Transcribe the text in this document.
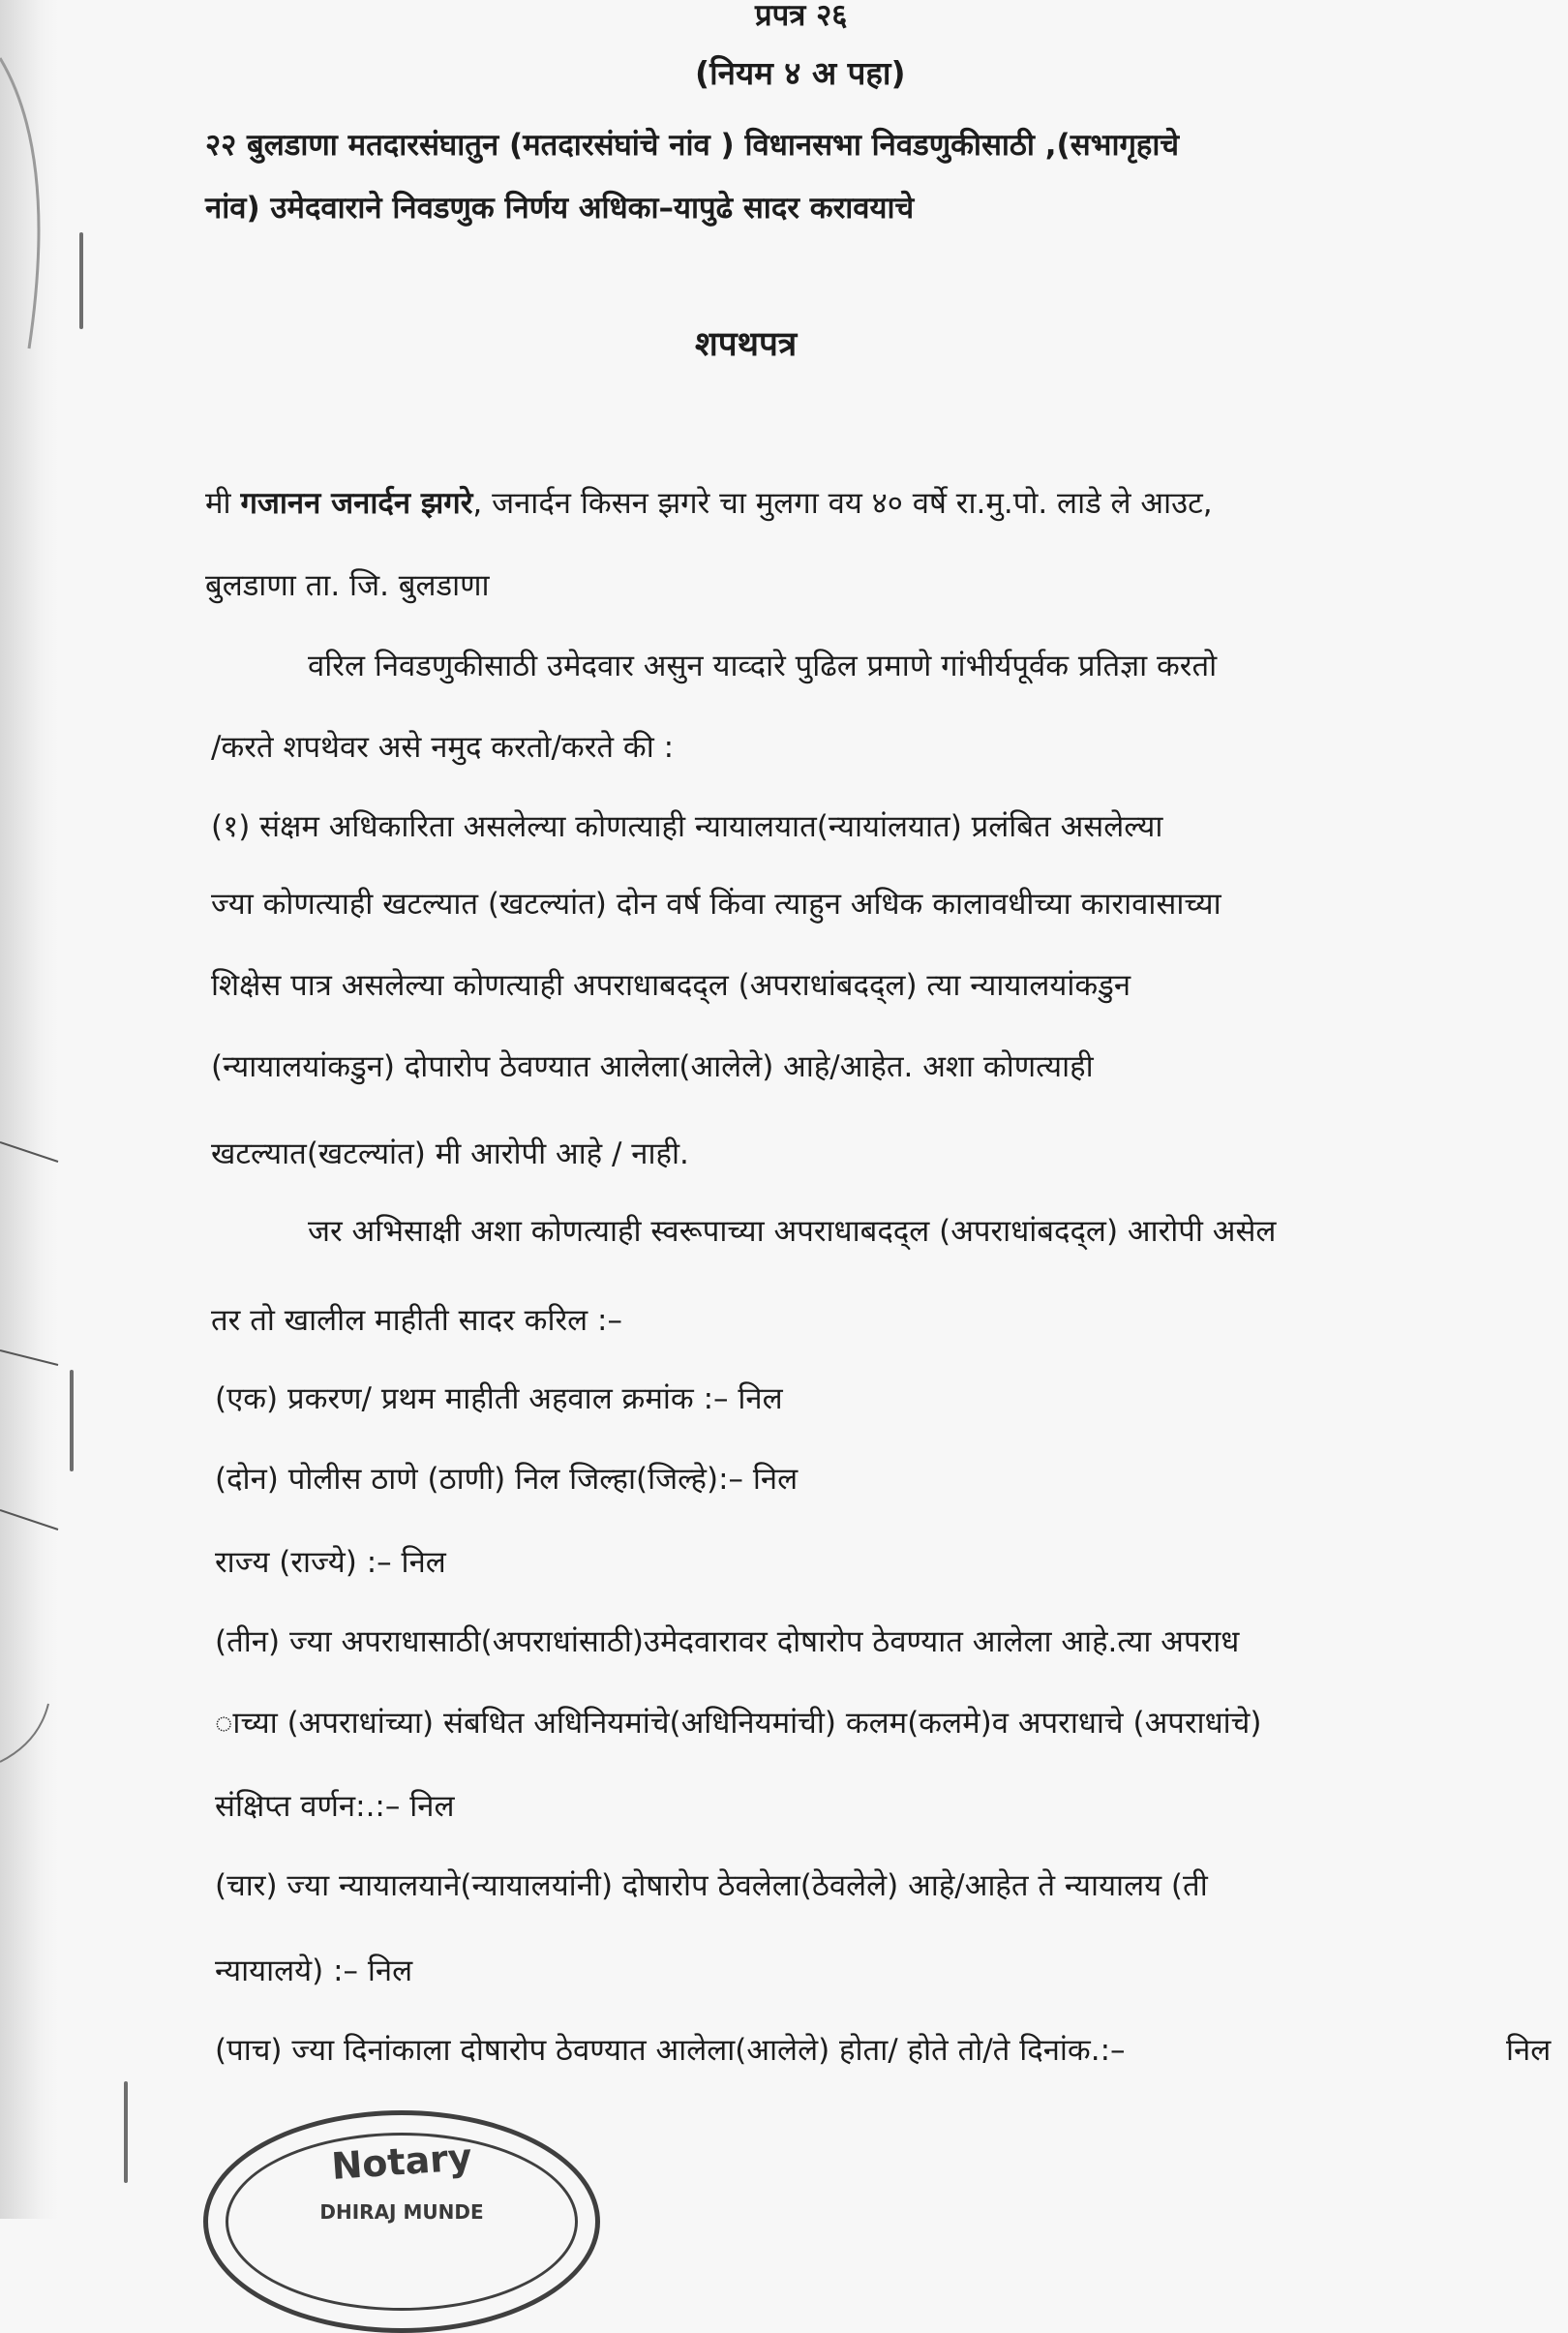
प्रपत्र २६
(नियम ४ अ पहा)
२२ बुलडाणा मतदारसंघातुन (मतदारसंघांचे नांव ) विधानसभा निवडणुकीसाठी ,(सभागृहाचे
नांव) उमेदवाराने निवडणुक निर्णय अधिका–यापुढे सादर करावयाचे
शपथपत्र
मी गजानन जनार्दन झगरे, जनार्दन किसन झगरे चा मुलगा वय ४० वर्षे रा.मु.पो. लाडे ले आउट,
बुलडाणा ता. जि. बुलडाणा
वरिल निवडणुकीसाठी उमेदवार असुन याव्दारे पुढिल प्रमाणे गांभीर्यपूर्वक प्रतिज्ञा करतो
/करते शपथेवर असे नमुद करतो/करते की :
(१) संक्षम अधिकारिता असलेल्या कोणत्याही न्यायालयात(न्यायांलयात) प्रलंबित असलेल्या
ज्या कोणत्याही खटल्यात (खटल्यांत) दोन वर्ष किंवा त्याहुन अधिक कालावधीच्या कारावासाच्या
शिक्षेस पात्र असलेल्या कोणत्याही अपराधाबदद्ल (अपराधांबदद्ल) त्या न्यायालयांकडुन
(न्यायालयांकडुन) दोपारोप ठेवण्यात आलेला(आलेले) आहे/आहेत. अशा कोणत्याही
खटल्यात(खटल्यांत) मी आरोपी आहे / नाही.
जर अभिसाक्षी अशा कोणत्याही स्वरूपाच्या अपराधाबदद्ल (अपराधांबदद्ल) आरोपी असेल
तर तो खालील माहीती सादर करिल :–
(एक) प्रकरण/ प्रथम माहीती अहवाल क्रमांक :– निल
(दोन) पोलीस ठाणे (ठाणी) निल जिल्हा(जिल्हे):– निल
राज्य (राज्ये) :– निल
(तीन) ज्या अपराधासाठी(अपराधांसाठी)उमेदवारावर दोषारोप ठेवण्यात आलेला आहे.त्या अपराध
ाच्या (अपराधांच्या) संबधित अधिनियमांचे(अधिनियमांची) कलम(कलमे)व अपराधाचे (अपराधांचे)
संक्षिप्त वर्णन:.:– निल
(चार) ज्या न्यायालयाने(न्यायालयांनी) दोषारोप ठेवलेला(ठेवलेले) आहे/आहेत ते न्यायालय (ती
न्यायालये) :– निल
(पाच) ज्या दिनांकाला दोषारोप ठेवण्यात आलेला(आलेले) होता/ होते तो/ते दिनांक.:–	निल
Notary
DHIRAJ MUNDE
